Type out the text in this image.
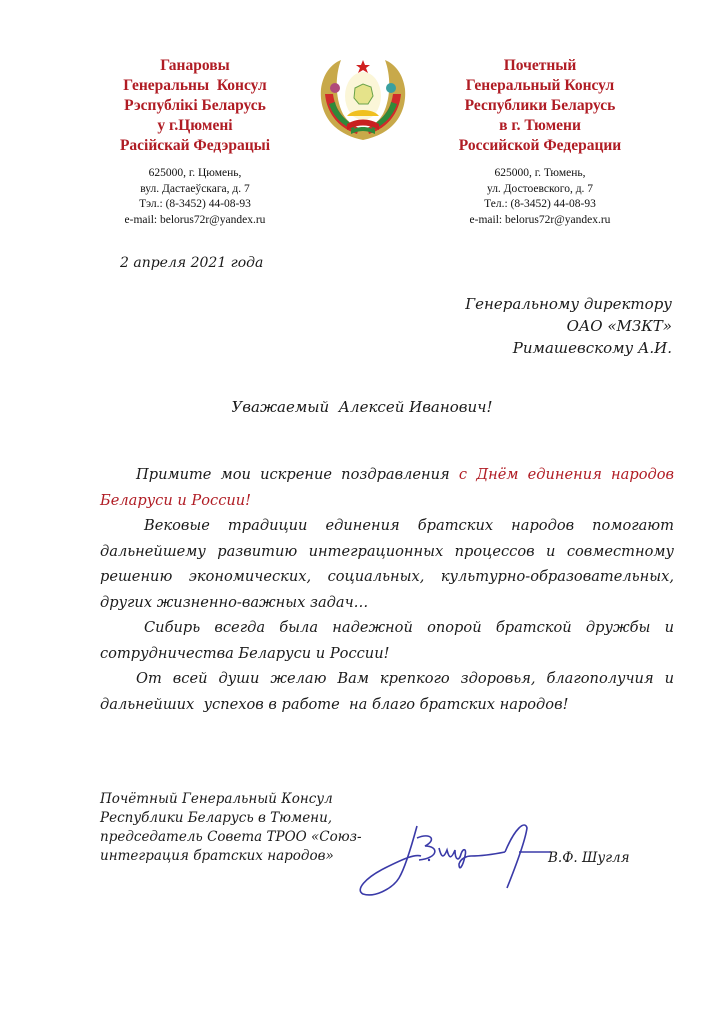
Ганаровы
Генеральны  Консул
Рэспублікі Беларусь
у г.Цюмені
Расійскай Федэрацыі
625000, г. Цюмень,
вул. Дастаеўскага, д. 7
Тэл.: (8-3452) 44-08-93
e-mail: belorus72r@yandex.ru
Почетный
Генеральный Консул
Республики Беларусь
в г. Тюмени
Российской Федерации
625000, г. Тюмень,
ул. Достоевского, д. 7
Тел.: (8-3452) 44-08-93
e-mail: belorus72r@yandex.ru
2 апреля 2021 года
Генеральному директору
ОАО «МЗКТ»
Римашевскому А.И.
Уважаемый  Алексей Иванович!

Примите мои искрение поздравления с Днём единения народов Беларуси и России!

Вековые традиции единения братских народов помогают дальнейшему развитию интеграционных процессов и совместному решению экономических, социальных, культурно-образовательных, других жизненно-важных задач…

Сибирь всегда была надежной опорой братской дружбы и сотрудничества Беларуси и России!

От всей души желаю Вам крепкого здоровья, благополучия и дальнейших  успехов в работе  на благо братских народов!

Почётный Генеральный Консул
Республики Беларусь в Тюмени,
председатель Совета ТРОО «Союз-
интеграция братских народов»	В.Ф. Шугля
